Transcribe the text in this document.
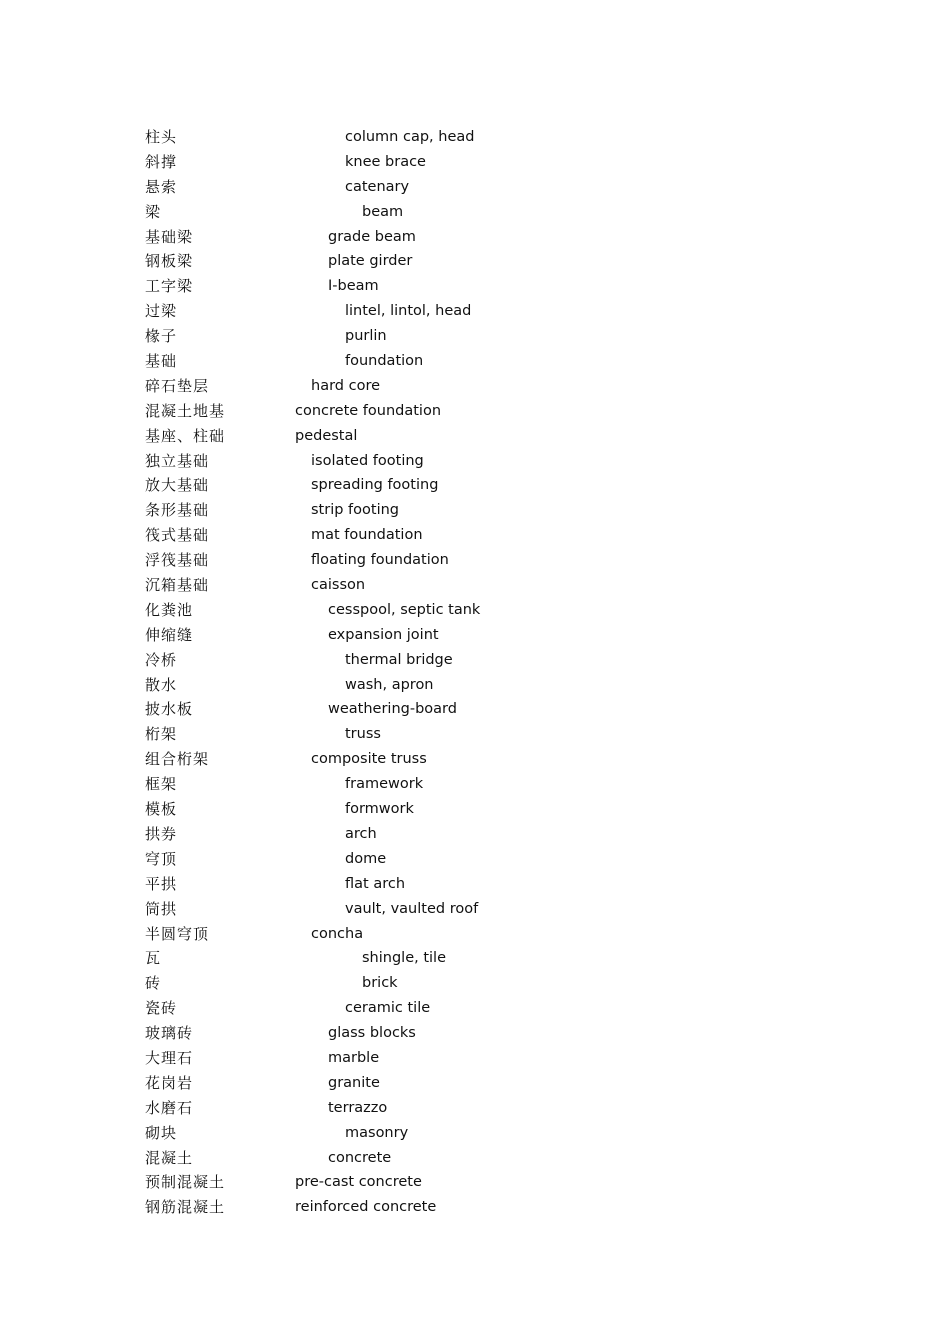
柱头	column cap, head
斜撑	knee brace
悬索	catenary
梁	beam
基础梁	grade beam
钢板梁	plate girder
工字梁	I-beam
过梁	lintel, lintol, head
椽子	purlin
基础	foundation
碎石垫层	hard core
混凝土地基	concrete foundation
基座、柱础	pedestal
独立基础	isolated footing
放大基础	spreading footing
条形基础	strip footing
筏式基础	mat foundation
浮筏基础	floating foundation
沉箱基础	caisson
化粪池	cesspool, septic tank
伸缩缝	expansion joint
冷桥	thermal bridge
散水	wash, apron
披水板	weathering-board
桁架	truss
组合桁架	composite truss
框架	framework
模板	formwork
拱券	arch
穹顶	dome
平拱	flat arch
筒拱	vault, vaulted roof
半圆穹顶	concha
瓦	shingle, tile
砖	brick
瓷砖	ceramic tile
玻璃砖	glass blocks
大理石	marble
花岗岩	granite
水磨石	terrazzo
砌块	masonry
混凝土	concrete
预制混凝土	pre-cast concrete
钢筋混凝土	reinforced concrete
